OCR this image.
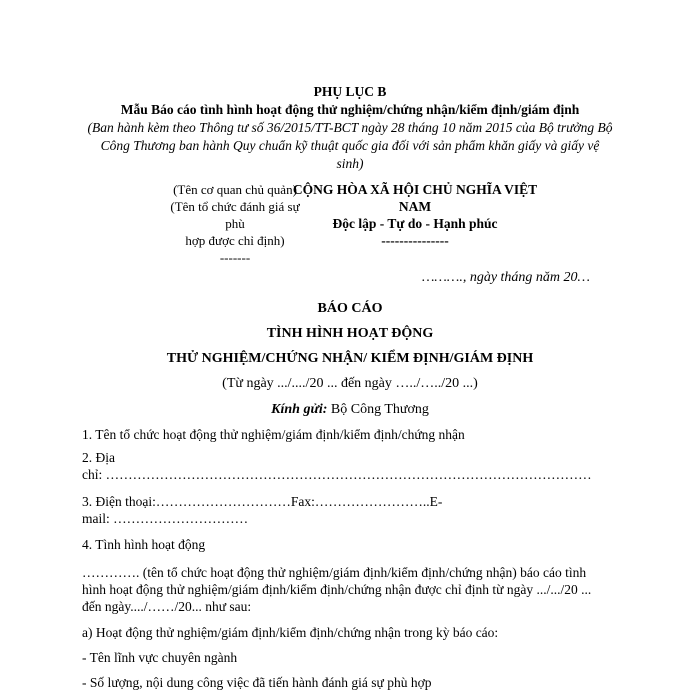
PHỤ LỤC B
Mẫu Báo cáo tình hình hoạt động thử nghiệm/chứng nhận/kiểm định/giám định
(Ban hành kèm theo Thông tư số 36/2015/TT-BCT ngày 28 tháng 10 năm 2015 của Bộ trưởng Bộ
Công Thương ban hành Quy chuẩn kỹ thuật quốc gia đối với sản phẩm khăn giấy và giấy vệ
sinh)
(Tên cơ quan chủ quản)
(Tên tổ chức đánh giá sự phù
hợp được chỉ định)
-------
CỘNG HÒA XÃ HỘI CHỦ NGHĨA VIỆT NAM
Độc lập - Tự do - Hạnh phúc
---------------
………., ngày tháng năm 20…
BÁO CÁO
TÌNH HÌNH HOẠT ĐỘNG
THỬ NGHIỆM/CHỨNG NHẬN/ KIỂM ĐỊNH/GIÁM ĐỊNH
(Từ ngày .../..../20 ... đến ngày …../…../20 ...)
Kính gửi: Bộ Công Thương
1. Tên tổ chức hoạt động thử nghiệm/giám định/kiểm định/chứng nhận
2. Địa
chỉ: ………………………………………………………………………………………………
3. Điện thoại:…………………………Fax:……………………..E-
mail: …………………………
4. Tình hình hoạt động
…………. (tên tổ chức hoạt động thử nghiệm/giám định/kiểm định/chứng nhận) báo cáo tình
hình hoạt động thử nghiệm/giám định/kiểm định/chứng nhận được chỉ định từ ngày .../.../20 ...
đến ngày..../……/20... như sau:
a) Hoạt động thử nghiệm/giám định/kiểm định/chứng nhận trong kỳ báo cáo:
- Tên lĩnh vực chuyên ngành
- Số lượng, nội dung công việc đã tiến hành đánh giá sự phù hợp
